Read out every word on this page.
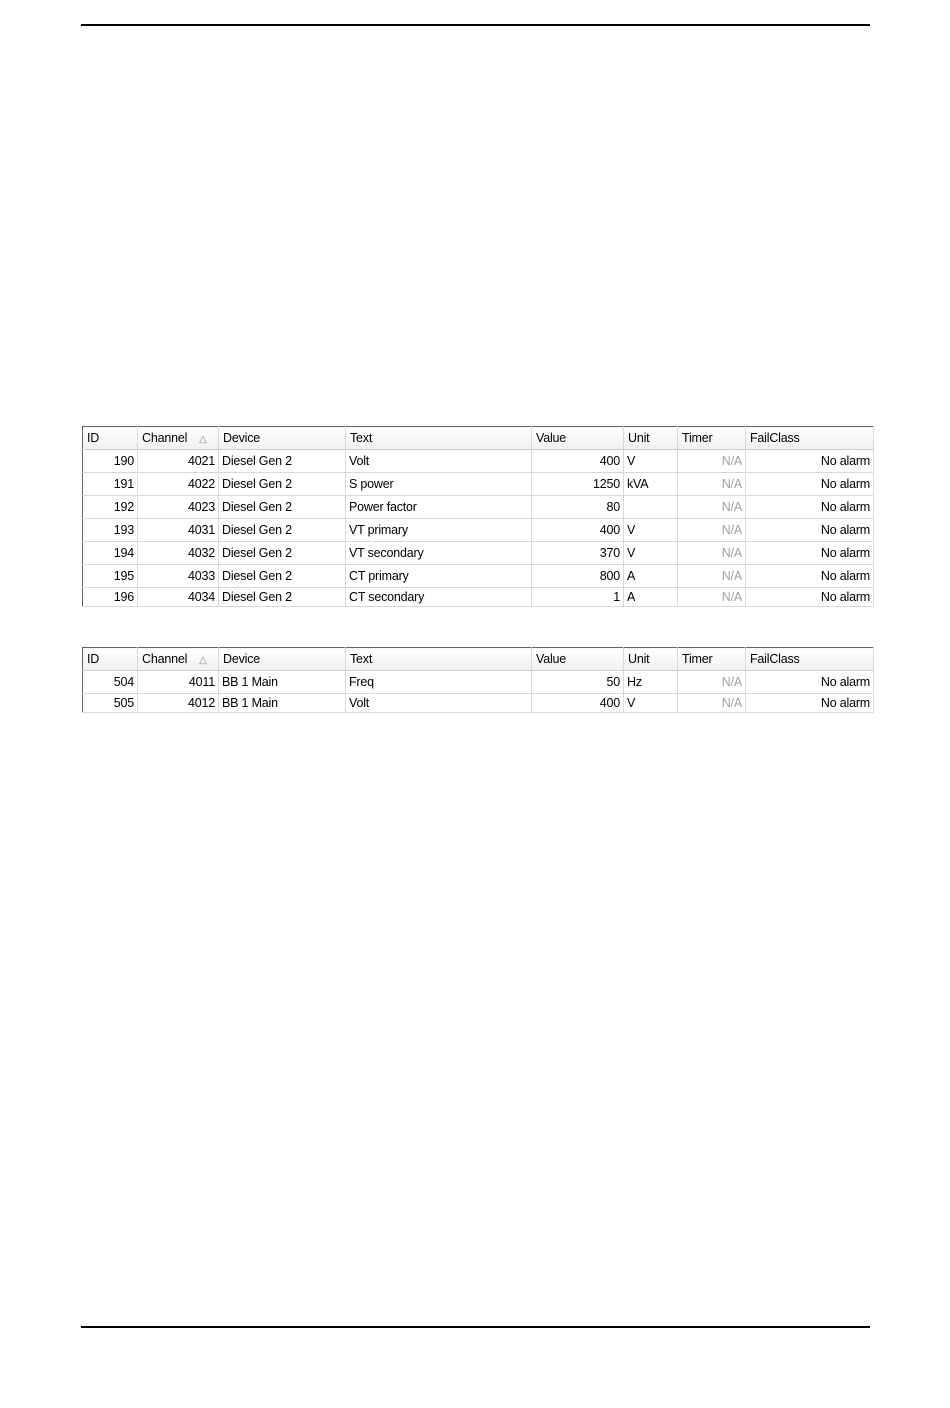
ID	Channel △	Device	Text	Value	Unit	Timer	FailClass
190	4021	Diesel Gen 2	Volt	400	V	N/A	No alarm
191	4022	Diesel Gen 2	S power	1250	kVA	N/A	No alarm
192	4023	Diesel Gen 2	Power factor	80		N/A	No alarm
193	4031	Diesel Gen 2	VT primary	400	V	N/A	No alarm
194	4032	Diesel Gen 2	VT secondary	370	V	N/A	No alarm
195	4033	Diesel Gen 2	CT primary	800	A	N/A	No alarm
196	4034	Diesel Gen 2	CT secondary	1	A	N/A	No alarm
ID	Channel △	Device	Text	Value	Unit	Timer	FailClass
504	4011	BB 1 Main	Freq	50	Hz	N/A	No alarm
505	4012	BB 1 Main	Volt	400	V	N/A	No alarm
